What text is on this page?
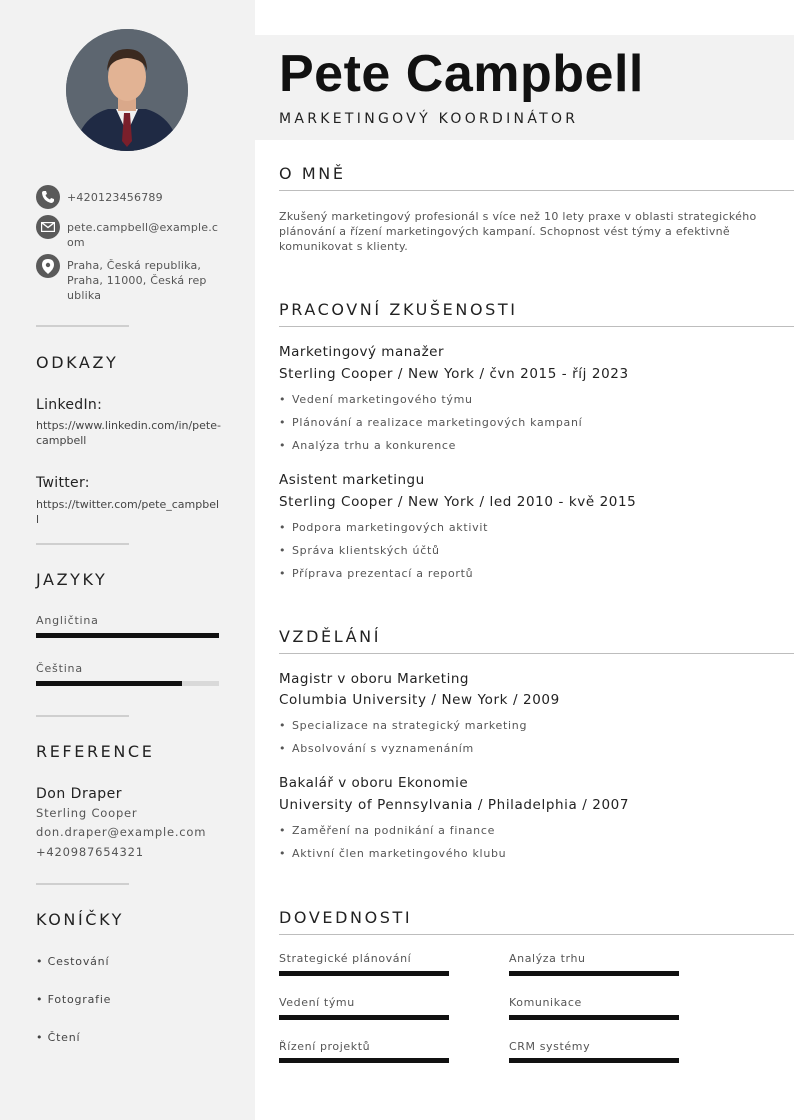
+420123456789
pete.campbell@example.com
Praha, Česká republika, Praha, 11000, Česká republika
ODKAZY
LinkedIn:
https://www.linkedin.com/in/pete-campbell
Twitter:
https://twitter.com/pete_campbell
JAZYKY
Angličtina
Čeština
REFERENCE
Don Draper
Sterling Cooper
don.draper@example.com
+420987654321
KONÍČKY
• Cestování
• Fotografie
• Čtení
Pete Campbell
MARKETINGOVÝ KOORDINÁTOR
O MNĚ
Zkušený marketingový profesionál s více než 10 lety praxe v oblasti strategického plánování a řízení marketingových kampaní. Schopnost vést týmy a efektivně komunikovat s klienty.
PRACOVNÍ ZKUŠENOSTI
Marketingový manažer
Sterling Cooper / New York / čvn 2015 - říj 2023
• Vedení marketingového týmu
• Plánování a realizace marketingových kampaní
• Analýza trhu a konkurence
Asistent marketingu
Sterling Cooper / New York / led 2010 - kvě 2015
• Podpora marketingových aktivit
• Správa klientských účtů
• Příprava prezentací a reportů
VZDĚLÁNÍ
Magistr v oboru Marketing
Columbia University / New York / 2009
• Specializace na strategický marketing
• Absolvování s vyznamenáním
Bakalář v oboru Ekonomie
University of Pennsylvania / Philadelphia / 2007
• Zaměření na podnikání a finance
• Aktivní člen marketingového klubu
DOVEDNOSTI
Strategické plánování	Analýza trhu
Vedení týmu	Komunikace
Řízení projektů	CRM systémy
